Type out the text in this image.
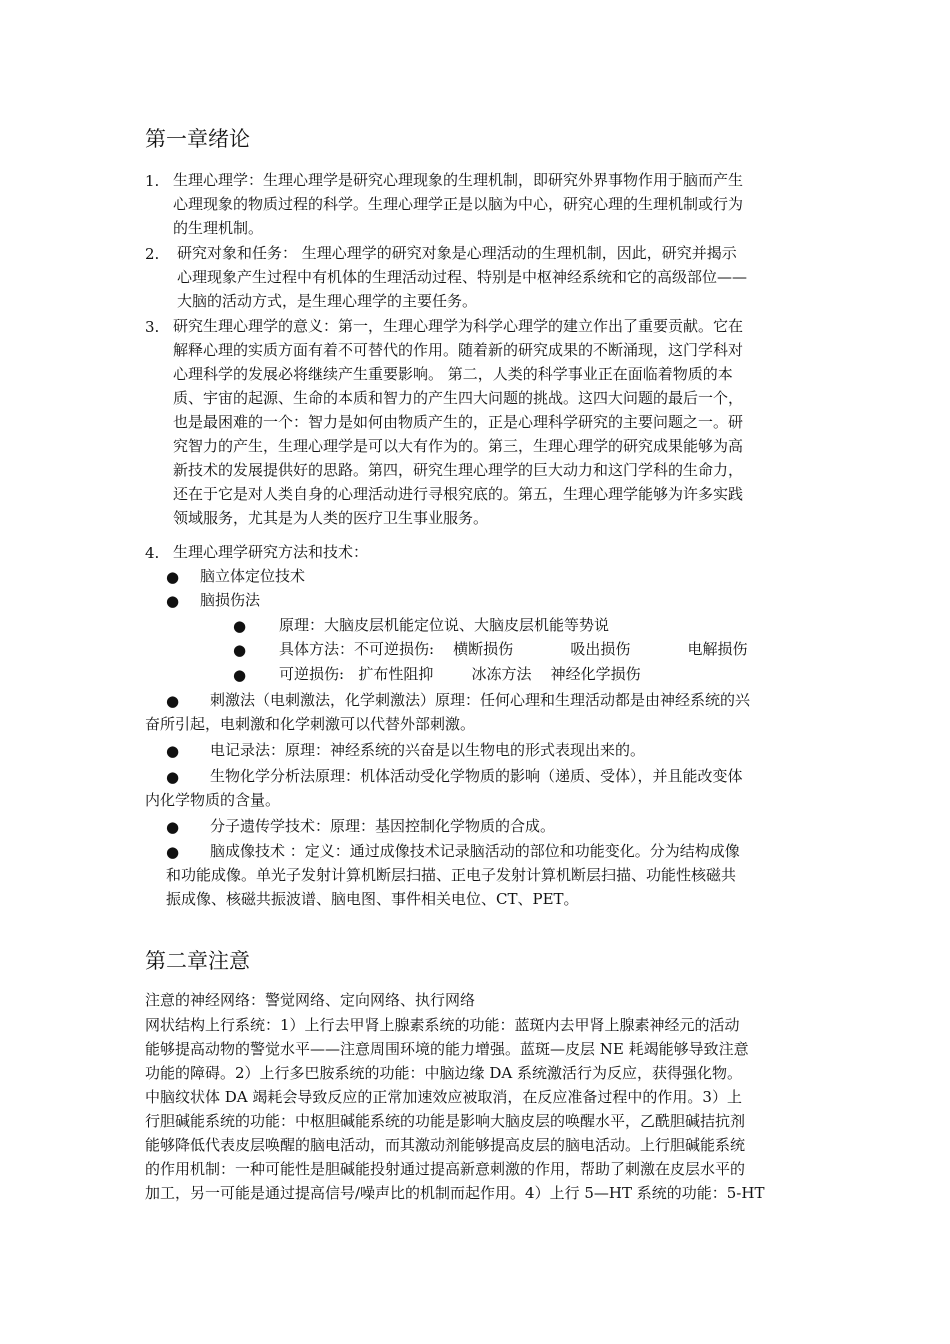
第一章绪论
1. 生理心理学：生理心理学是研究心理现象的生理机制，即研究外界事物作用于脑而产生
心理现象的物质过程的科学。生理心理学正是以脑为中心，研究心理的生理机制或行为
的生理机制。
2. 研究对象和任务： 生理心理学的研究对象是心理活动的生理机制，因此，研究并揭示
心理现象产生过程中有机体的生理活动过程、特别是中枢神经系统和它的高级部位——
大脑的活动方式，是生理心理学的主要任务。
3. 研究生理心理学的意义：第一，生理心理学为科学心理学的建立作出了重要贡献。它在
解释心理的实质方面有着不可替代的作用。随着新的研究成果的不断涌现，这门学科对
心理科学的发展必将继续产生重要影响。 第二，人类的科学事业正在面临着物质的本
质、宇宙的起源、生命的本质和智力的产生四大问题的挑战。这四大问题的最后一个，
也是最困难的一个：智力是如何由物质产生的，正是心理科学研究的主要问题之一。研
究智力的产生，生理心理学是可以大有作为的。第三，生理心理学的研究成果能够为高
新技术的发展提供好的思路。第四，研究生理心理学的巨大动力和这门学科的生命力，
还在于它是对人类自身的心理活动进行寻根究底的。第五，生理心理学能够为许多实践
领域服务，尤其是为人类的医疗卫生事业服务。
4. 生理心理学研究方法和技术：
● 脑立体定位技术
● 脑损伤法
● 原理：大脑皮层机能定位说、大脑皮层机能等势说
● 具体方法：不可逆损伤:    横断损伤            吸出损伤            电解损伤
● 可逆损伤:   扩布性阻抑        冰冻方法    神经化学损伤
● 刺激法（电刺激法，化学刺激法）原理：任何心理和生理活动都是由神经系统的兴
奋所引起，电刺激和化学刺激可以代替外部刺激。
● 电记录法：原理：神经系统的兴奋是以生物电的形式表现出来的。
● 生物化学分析法原理：机体活动受化学物质的影响（递质、受体），并且能改变体
内化学物质的含量。
● 分子遗传学技术：原理：基因控制化学物质的合成。
● 脑成像技术 ：定义：通过成像技术记录脑活动的部位和功能变化。分为结构成像
和功能成像。单光子发射计算机断层扫描、正电子发射计算机断层扫描、功能性核磁共
振成像、核磁共振波谱、脑电图、事件相关电位、CT、PET。
第二章注意
注意的神经网络：警觉网络、定向网络、执行网络
网状结构上行系统：1）上行去甲肾上腺素系统的功能：蓝斑内去甲肾上腺素神经元的活动
能够提高动物的警觉水平——注意周围环境的能力增强。蓝斑—皮层 NE 耗竭能够导致注意
功能的障碍。2）上行多巴胺系统的功能：中脑边缘 DA 系统激活行为反应，获得强化物。
中脑纹状体 DA 竭耗会导致反应的正常加速效应被取消，在反应准备过程中的作用。3）上
行胆碱能系统的功能：中枢胆碱能系统的功能是影响大脑皮层的唤醒水平，乙酰胆碱拮抗剂
能够降低代表皮层唤醒的脑电活动，而其激动剂能够提高皮层的脑电活动。上行胆碱能系统
的作用机制：一种可能性是胆碱能投射通过提高新意刺激的作用，帮助了刺激在皮层水平的
加工，另一可能是通过提高信号/噪声比的机制而起作用。4）上行 5—HT 系统的功能：5-HT
